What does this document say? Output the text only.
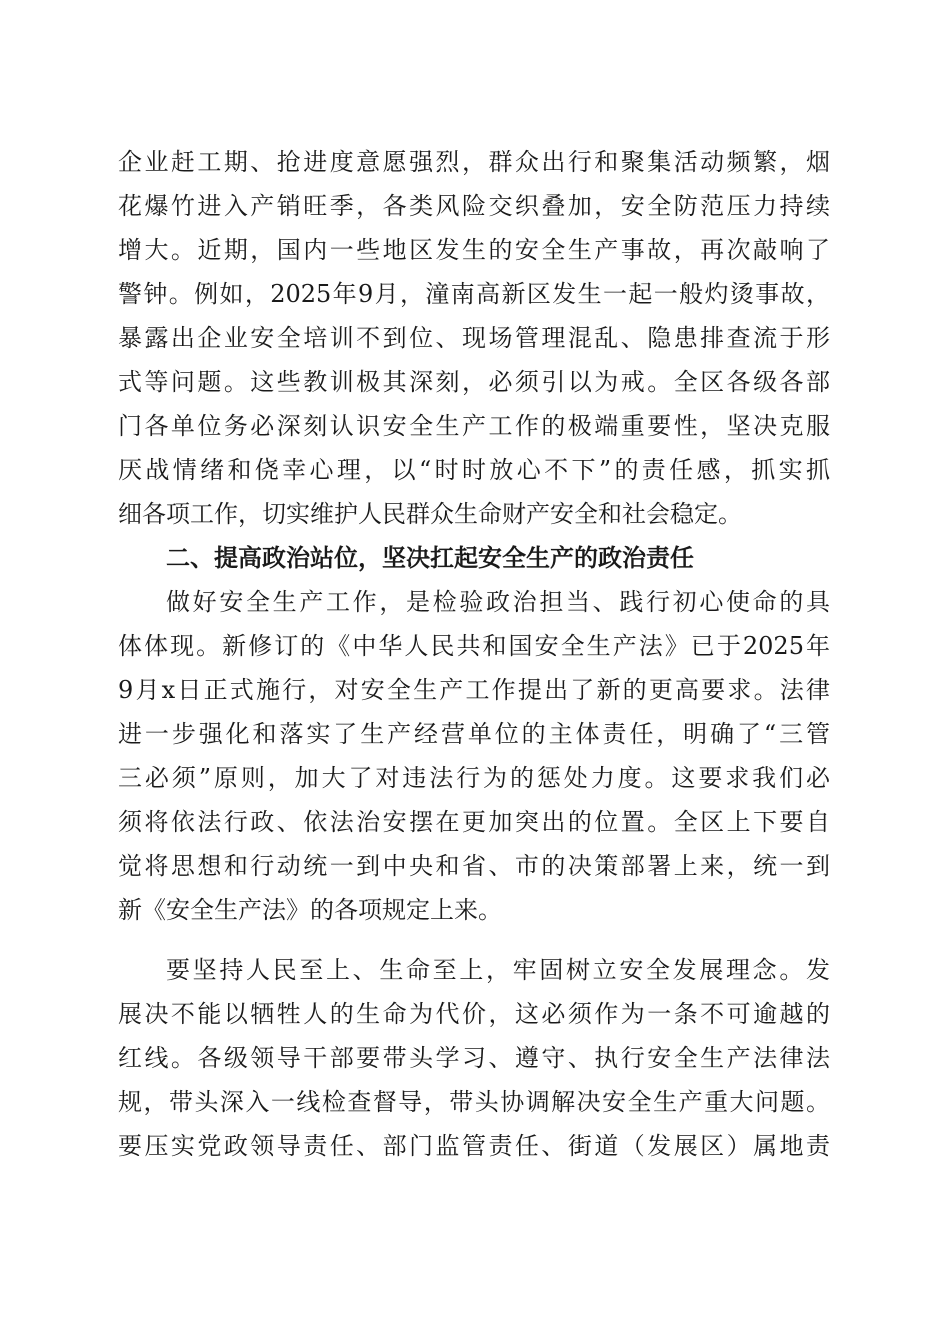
企业赶工期、抢进度意愿强烈，群众出行和聚集活动频繁，烟
花爆竹进入产销旺季，各类风险交织叠加，安全防范压力持续
增大。近期，国内一些地区发生的安全生产事故，再次敲响了
警钟。例如，2025年9月，潼南高新区发生一起一般灼烫事故，
暴露出企业安全培训不到位、现场管理混乱、隐患排查流于形
式等问题。这些教训极其深刻，必须引以为戒。全区各级各部
门各单位务必深刻认识安全生产工作的极端重要性，坚决克服
厌战情绪和侥幸心理，以“时时放心不下”的责任感，抓实抓
细各项工作，切实维护人民群众生命财产安全和社会稳定。
二、提高政治站位，坚决扛起安全生产的政治责任
做好安全生产工作，是检验政治担当、践行初心使命的具
体体现。新修订的《中华人民共和国安全生产法》已于2025年
9月x日正式施行，对安全生产工作提出了新的更高要求。法律
进一步强化和落实了生产经营单位的主体责任，明确了“三管
三必须”原则，加大了对违法行为的惩处力度。这要求我们必
须将依法行政、依法治安摆在更加突出的位置。全区上下要自
觉将思想和行动统一到中央和省、市的决策部署上来，统一到
新《安全生产法》的各项规定上来。
要坚持人民至上、生命至上，牢固树立安全发展理念。发
展决不能以牺牲人的生命为代价，这必须作为一条不可逾越的
红线。各级领导干部要带头学习、遵守、执行安全生产法律法
规，带头深入一线检查督导，带头协调解决安全生产重大问题。
要压实党政领导责任、部门监管责任、街道（发展区）属地责
